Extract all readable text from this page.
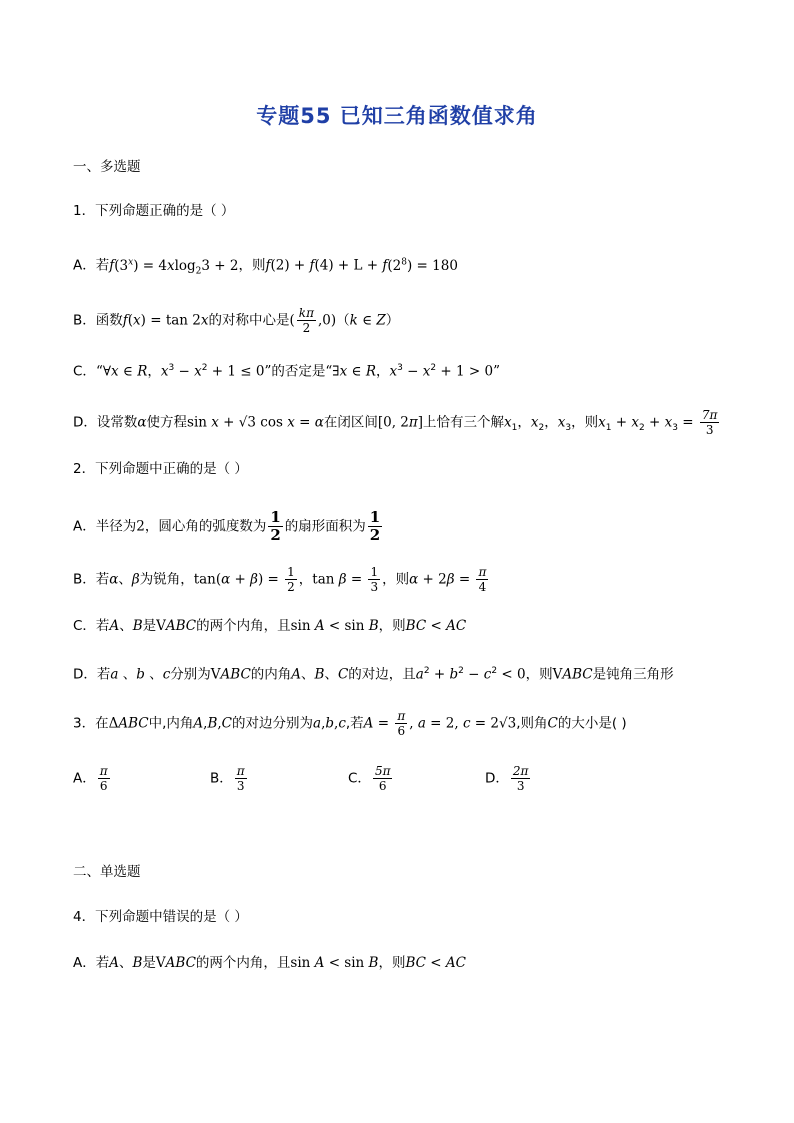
专题55 已知三角函数值求角
一、多选题
1．下列命题正确的是（ ）
A．若$f(3^x) = 4xlog_23 + 2$，则$f(2) + f(4) + L + f(2^8) = 180$
B．函数f(x) = tan 2x的对称中心是( $\frac{k\pi}{2} ,0)(k$ ∈ Z）
C．“∀x ∈ R，$x^3 - x^2 + 1 \le 0$”的否定是“∃x ∈ R，$x^3 - x^2 + 1 > 0$”
D．设常数α使方程sin x + √3 cos x = α在闭区间[0, 2π]上恰有三个解$x_1$，$x_2$，$x_3$，则$x_1 + x_2 + x_3 = \frac{7\pi}{3}$
2．下列命题中正确的是（ ）
A．半径为2，圆心角的弧度数为 $\frac{1}{2}$ 的扇形面积为 $\frac{1}{2}$
B．若α、β为锐角，$\tan(\alpha + \beta) = \frac{1}{2}$ ，$\tan \beta = \frac{1}{3}$ ，则$\alpha + 2\beta = \frac{\pi}{4}$
C．若A、B是VABC的两个内角，且sin A < sin B，则BC < AC
D．若a 、b 、c分别为VABC的内角A、B、C的对边，且$a^2 + b^2 - c^2 < 0$，则VABC是钝角三角形
3．在ΔABC中,内角A,B,C的对边分别为a,b,c,若$A = \frac{\pi}{6}$ , a = 2, c = 2√3,则角C的大小是( )
A． $\frac{\pi}{6}$	B． $\frac{\pi}{3}$	C． $\frac{5\pi}{6}$	D． $\frac{2\pi}{3}$
二、单选题
4．下列命题中错误的是（ ）
A．若A、B是VABC的两个内角，且sin A < sin B，则BC < AC
